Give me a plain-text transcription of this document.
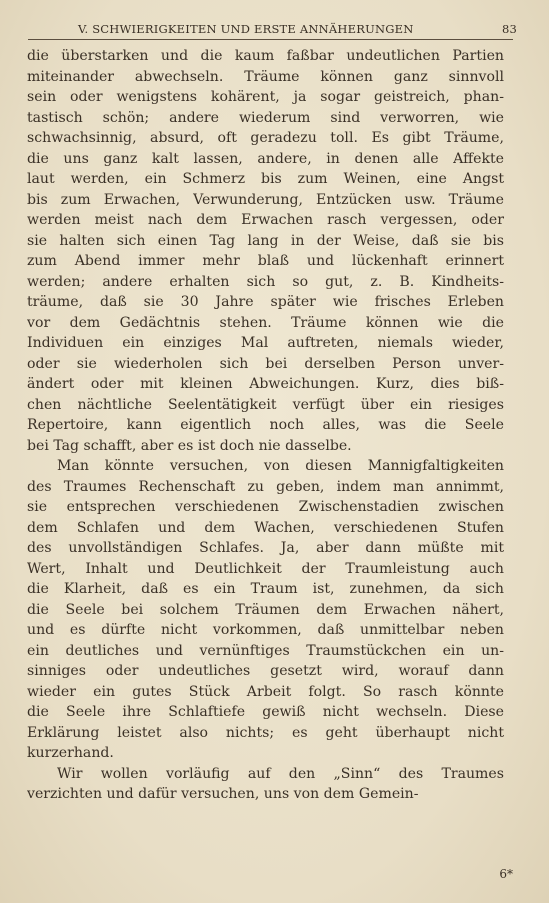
V. SCHWIERIGKEITEN UND ERSTE ANNÄHERUNGEN	83
die überstarken und die kaum faßbar undeutlichen Partien
miteinander abwechseln. Träume können ganz sinnvoll
sein oder wenigstens kohärent, ja sogar geistreich, phan-
tastisch schön; andere wiederum sind verworren, wie
schwachsinnig, absurd, oft geradezu toll. Es gibt Träume,
die uns ganz kalt lassen, andere, in denen alle Affekte
laut werden, ein Schmerz bis zum Weinen, eine Angst
bis zum Erwachen, Verwunderung, Entzücken usw. Träume
werden meist nach dem Erwachen rasch vergessen, oder
sie halten sich einen Tag lang in der Weise, daß sie bis
zum Abend immer mehr blaß und lückenhaft erinnert
werden; andere erhalten sich so gut, z. B. Kindheits-
träume, daß sie 30 Jahre später wie frisches Erleben
vor dem Gedächtnis stehen. Träume können wie die
Individuen ein einziges Mal auftreten, niemals wieder,
oder sie wiederholen sich bei derselben Person unver-
ändert oder mit kleinen Abweichungen. Kurz, dies biß-
chen nächtliche Seelentätigkeit verfügt über ein riesiges
Repertoire, kann eigentlich noch alles, was die Seele
bei Tag schafft, aber es ist doch nie dasselbe.
Man könnte versuchen, von diesen Mannigfaltigkeiten
des Traumes Rechenschaft zu geben, indem man annimmt,
sie entsprechen verschiedenen Zwischenstadien zwischen
dem Schlafen und dem Wachen, verschiedenen Stufen
des unvollständigen Schlafes. Ja, aber dann müßte mit
Wert, Inhalt und Deutlichkeit der Traumleistung auch
die Klarheit, daß es ein Traum ist, zunehmen, da sich
die Seele bei solchem Träumen dem Erwachen nähert,
und es dürfte nicht vorkommen, daß unmittelbar neben
ein deutliches und vernünftiges Traumstückchen ein un-
sinniges oder undeutliches gesetzt wird, worauf dann
wieder ein gutes Stück Arbeit folgt. So rasch könnte
die Seele ihre Schlaftiefe gewiß nicht wechseln. Diese
Erklärung leistet also nichts; es geht überhaupt nicht
kurzerhand.
Wir wollen vorläufig auf den „Sinn“ des Traumes
verzichten und dafür versuchen, uns von dem Gemein-
6*
